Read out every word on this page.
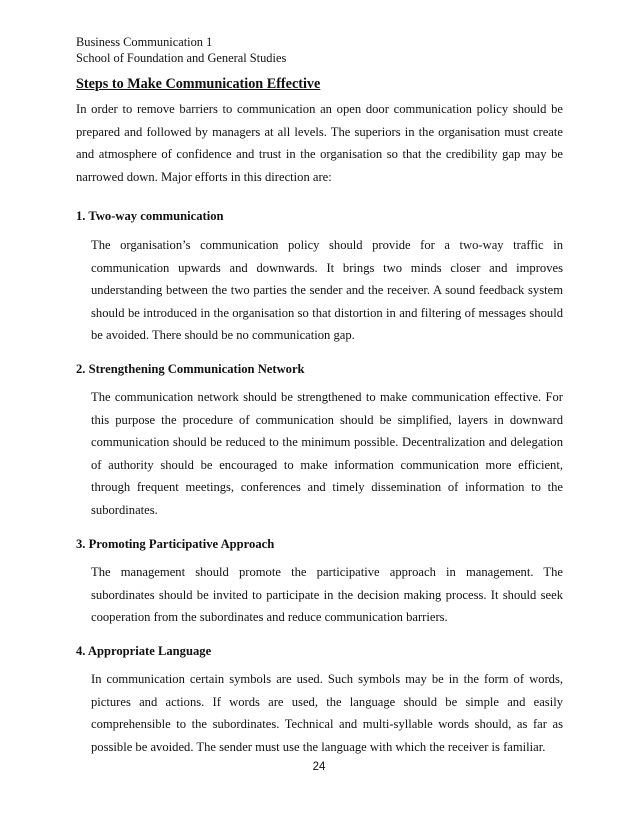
Business Communication 1
School of Foundation and General Studies
Steps to Make Communication Effective

In order to remove barriers to communication an open door communication policy should be prepared and followed by managers at all levels. The superiors in the organisation must create and atmosphere of confidence and trust in the organisation so that the credibility gap may be narrowed down. Major efforts in this direction are:

1. Two-way communication

The organisation’s communication policy should provide for a two-way traffic in communication upwards and downwards. It brings two minds closer and improves understanding between the two parties the sender and the receiver. A sound feedback system should be introduced in the organisation so that distortion in and filtering of messages should be avoided. There should be no communication gap.

2. Strengthening Communication Network

The communication network should be strengthened to make communication effective. For this purpose the procedure of communication should be simplified, layers in downward communication should be reduced to the minimum possible. Decentralization and delegation of authority should be encouraged to make information communication more efficient, through frequent meetings, conferences and timely dissemination of information to the subordinates.

3. Promoting Participative Approach

The management should promote the participative approach in management. The subordinates should be invited to participate in the decision making process. It should seek cooperation from the subordinates and reduce communication barriers.

4. Appropriate Language

In communication certain symbols are used. Such symbols may be in the form of words, pictures and actions. If words are used, the language should be simple and easily comprehensible to the subordinates. Technical and multi-syllable words should, as far as possible be avoided. The sender must use the language with which the receiver is familiar.

24
